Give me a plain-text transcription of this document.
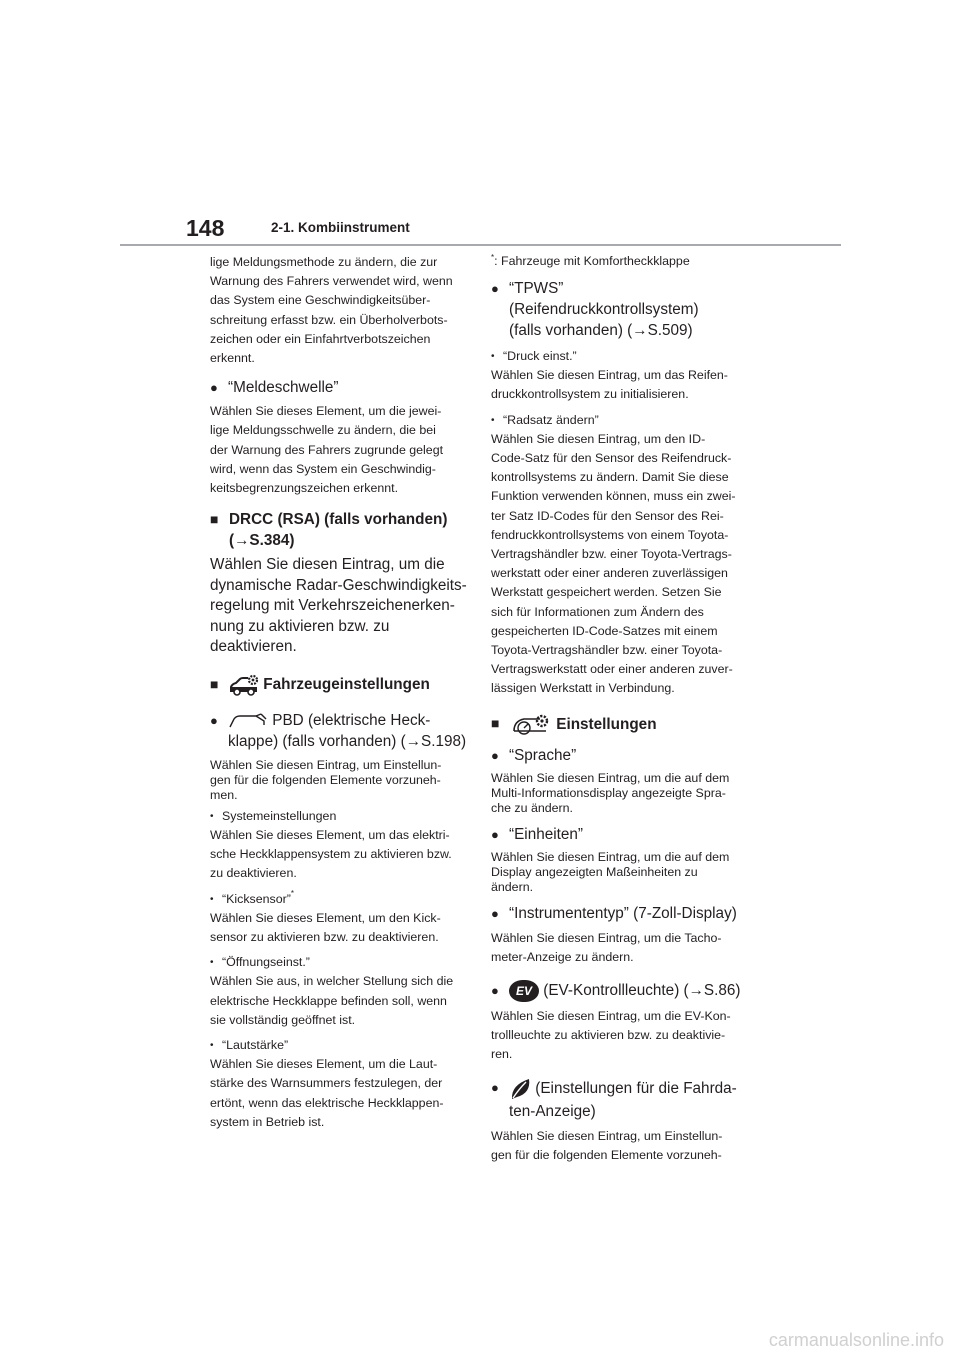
148	2-1. Kombiinstrument

lige Meldungsmethode zu ändern, die zur

Warnung des Fahrers verwendet wird, wenn

das System eine Geschwindigkeitsüber-

schreitung erfasst bzw. ein Überholverbots-

zeichen oder ein Einfahrtverbotszeichen

erkennt.

● “Meldeschwelle”

Wählen Sie dieses Element, um die jewei-

lige Meldungsschwelle zu ändern, die bei

der Warnung des Fahrers zugrunde gelegt

wird, wenn das System ein Geschwindig-

keitsbegrenzungszeichen erkennt.

■ DRCC (RSA) (falls vorhanden)

(→S.384)

Wählen Sie diesen Eintrag, um die

dynamische Radar-Geschwindigkeits-

regelung mit Verkehrszeichenerken-

nung zu aktivieren bzw. zu

deaktivieren.

■	Fahrzeugeinstellungen
●	PBD (elektrische Heck-

klappe) (falls vorhanden) (→S.198)

Wählen Sie diesen Eintrag, um Einstellun-

gen für die folgenden Elemente vorzuneh-

men.

• Systemeinstellungen

Wählen Sie dieses Element, um das elektri-

sche Heckklappensystem zu aktivieren bzw.

zu deaktivieren.

• “Kicksensor”*

Wählen Sie dieses Element, um den Kick-

sensor zu aktivieren bzw. zu deaktivieren.

• “Öffnungseinst.”

Wählen Sie aus, in welcher Stellung sich die

elektrische Heckklappe befinden soll, wenn

sie vollständig geöffnet ist.

• “Lautstärke”

Wählen Sie dieses Element, um die Laut-

stärke des Warnsummers festzulegen, der

ertönt, wenn das elektrische Heckklappen-

system in Betrieb ist.

*: Fahrzeuge mit Komfortheckklappe

● “TPWS” (Reifendruckkontrollsystem)

(falls vorhanden) (→S.509)

• “Druck einst.”

Wählen Sie diesen Eintrag, um das Reifen-

druckkontrollsystem zu initialisieren.

• “Radsatz ändern”

Wählen Sie diesen Eintrag, um den ID-

Code-Satz für den Sensor des Reifendruck-

kontrollsystems zu ändern. Damit Sie diese

Funktion verwenden können, muss ein zwei-

ter Satz ID-Codes für den Sensor des Rei-

fendruckkontrollsystems von einem Toyota-

Vertragshändler bzw. einer Toyota-Vertrags-

werkstatt oder einer anderen zuverlässigen

Werkstatt gespeichert werden. Setzen Sie

sich für Informationen zum Ändern des

gespeicherten ID-Code-Satzes mit einem

Toyota-Vertragshändler bzw. einer Toyota-

Vertragswerkstatt oder einer anderen zuver-

lässigen Werkstatt in Verbindung.

■	Einstellungen
● “Sprache”

Wählen Sie diesen Eintrag, um die auf dem

Multi-Informationsdisplay angezeigte Spra-

che zu ändern.

● “Einheiten”

Wählen Sie diesen Eintrag, um die auf dem

Display angezeigten Maßeinheiten zu

ändern.

● “Instrumententyp” (7-Zoll-Display)

Wählen Sie diesen Eintrag, um die Tacho-

meter-Anzeige zu ändern.

●	EV (EV-Kontrollleuchte) (→S.86)

Wählen Sie diesen Eintrag, um die EV-Kon-

trollleuchte zu aktivieren bzw. zu deaktivie-

ren.

●	(Einstellungen für die Fahrda-

ten-Anzeige)

Wählen Sie diesen Eintrag, um Einstellun-

gen für die folgenden Elemente vorzuneh-

carmanualsonline.info
